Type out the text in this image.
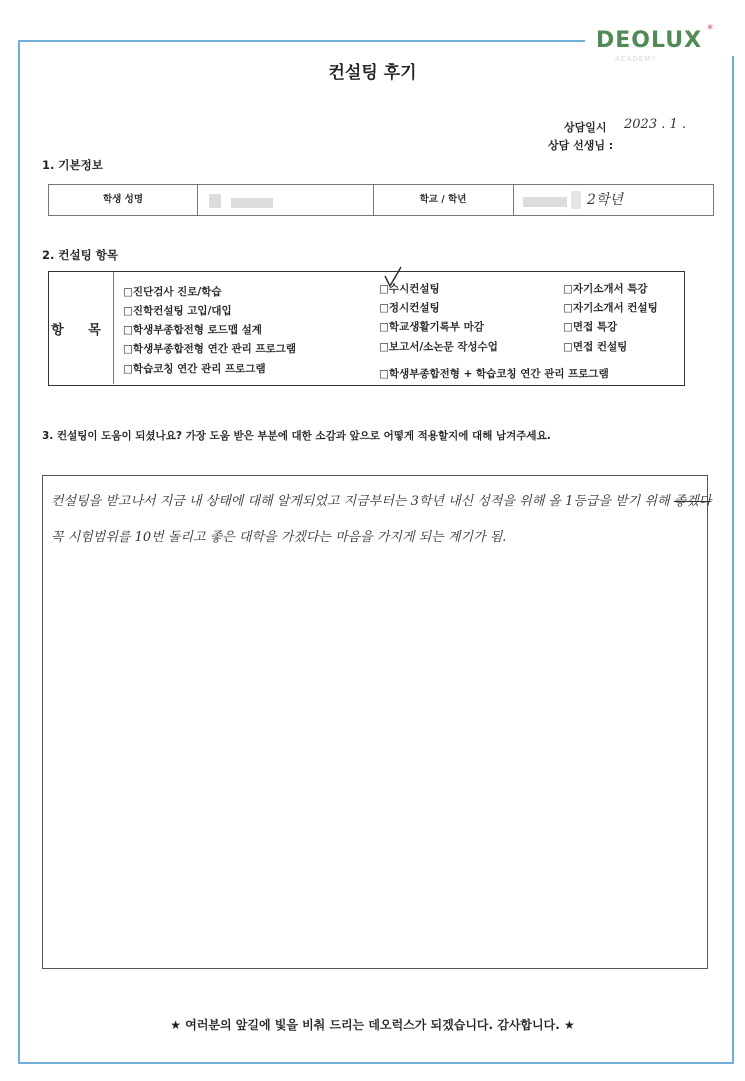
DEOLUX *
ACADEMY
컨설팅 후기
상담일시 2023 . 1 .
상담 선생님 :
1. 기본정보
학생 성명	학교 / 학년	2학년
2. 컨설팅 항목
항 목
□진단검사 진로/학습
□진학컨설팅 고입/대입
□학생부종합전형 로드맵 설계
□학생부종합전형 연간 관리 프로그램
□학습코칭 연간 관리 프로그램
□수시컨설팅
□정시컨설팅
□학교생활기록부 마감
□보고서/소논문 작성수업
□학생부종합전형 + 학습코칭 연간 관리 프로그램
□자기소개서 특강
□자기소개서 컨설팅
□면접 특강
□면접 컨설팅
3. 컨설팅이 도움이 되셨나요? 가장 도움 받은 부분에 대한 소감과 앞으로 어떻게 적용할지에 대해 남겨주세요.
컨설팅을 받고나서 지금 내 상태에 대해 알게되었고 지금부터는 3학년 내신 성적을 위해 올 1등급을 받기 위해 좋겠다
꼭 시험범위를 10번 돌리고 좋은 대학을 가겠다는 마음을 가지게 되는 계기가 됨.
★ 여러분의 앞길에 빛을 비춰 드리는 데오럭스가 되겠습니다. 감사합니다. ★
